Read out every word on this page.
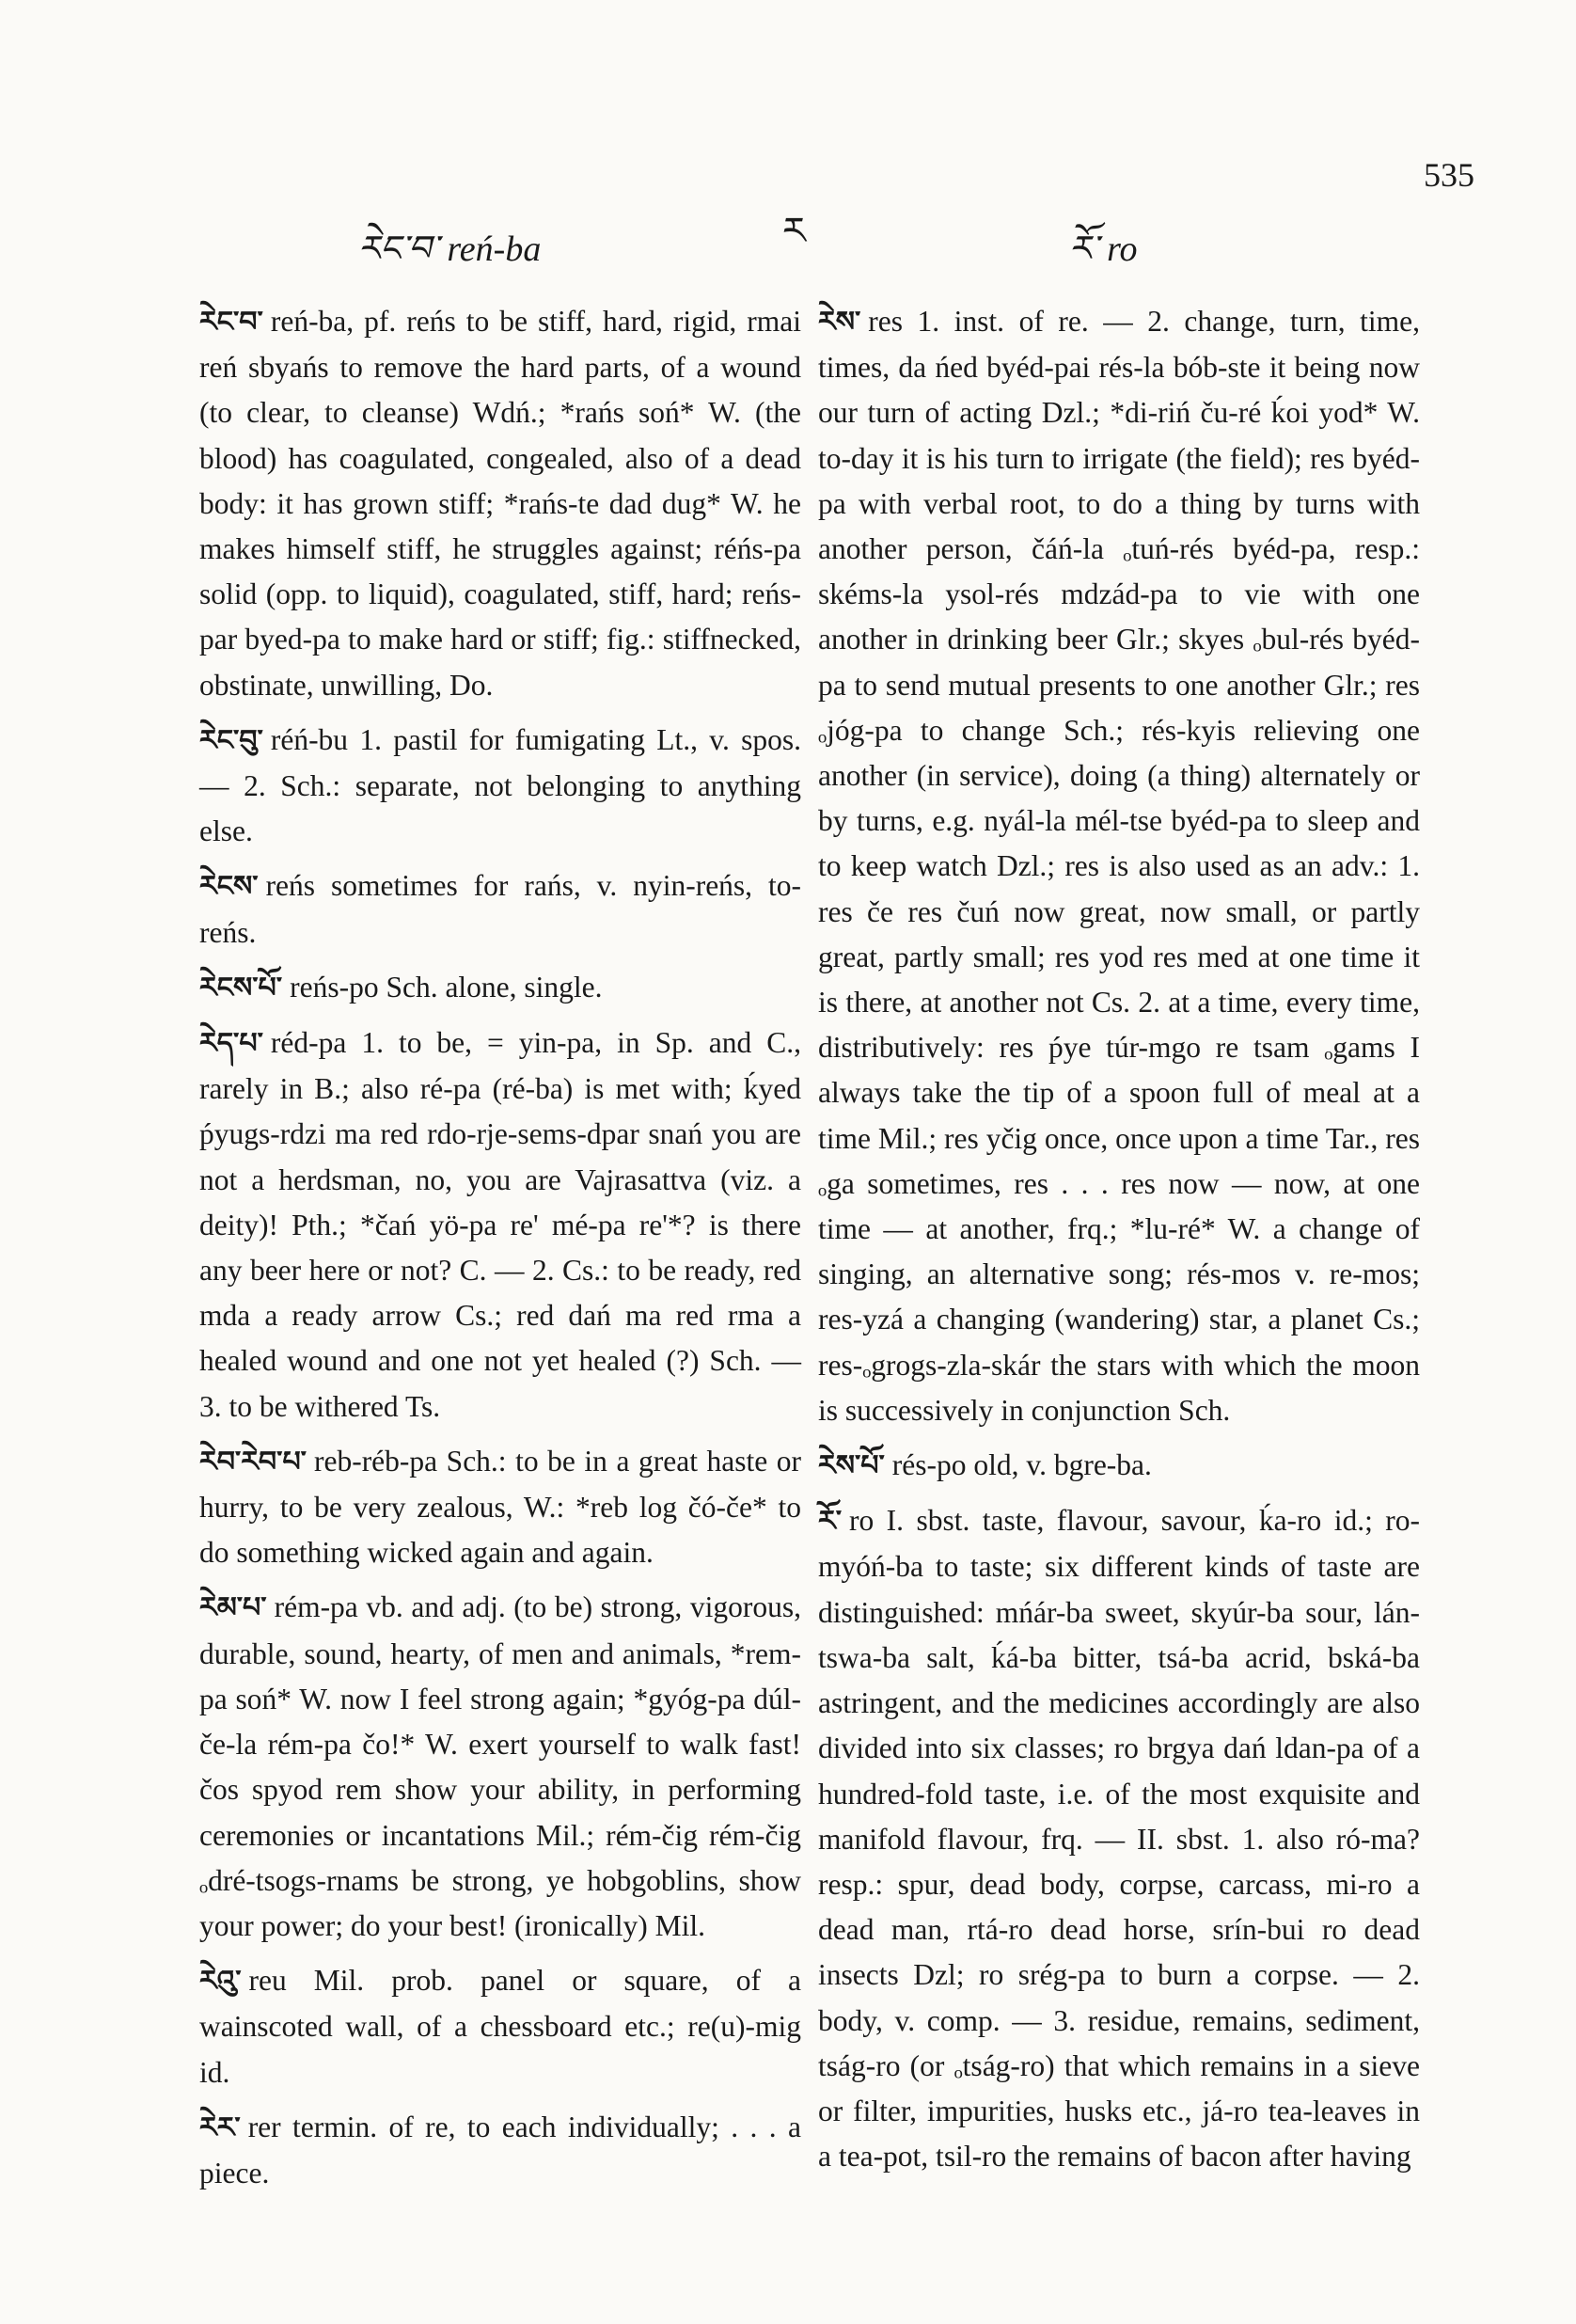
ཪེང་བ་ reń-ba	ར	རོ་ ro
535

རེང་བ་ reń-ba, pf. reńs to be stiff, hard, rigid, rmai reń sbyańs to remove the hard parts, of a wound (to clear, to cleanse) Wdń.; *rańs soń* W. (the blood) has coagulated, congealed, also of a dead body: it has grown stiff; *rańs-te dad dug* W. he makes himself stiff, he struggles against; réńs-pa solid (opp. to liquid), coagulated, stiff, hard; reńs-par byed-pa to make hard or stiff; fig.: stiffnecked, obstinate, unwilling, Do.

རེང་བུ་ réń-bu 1. pastil for fumigating Lt., v. spos. — 2. Sch.: separate, not belonging to anything else.

རེངས་ reńs sometimes for rańs, v. nyin-reńs, to-reńs.

རེངས་པོ་ reńs-po Sch. alone, single.

རེད་པ་ réd-pa 1. to be, = yin-pa, in Sp. and C., rarely in B.; also ré-pa (ré-ba) is met with; ḱyed ṕyugs-rdzi ma red rdo-rje-sems-dpar snań you are not a herdsman, no, you are Vajrasattva (viz. a deity)! Pth.; *čań yö-pa re' mé-pa re'*? is there any beer here or not? C. — 2. Cs.: to be ready, red mda a ready arrow Cs.; red dań ma red rma a healed wound and one not yet healed (?) Sch. — 3. to be withered Ts.

རེབ་རེབ་པ་ reb-réb-pa Sch.: to be in a great haste or hurry, to be very zealous, W.: *reb log čó-če* to do something wicked again and again.

རེམ་པ་ rém-pa vb. and adj. (to be) strong, vigorous, durable, sound, hearty, of men and animals, *rem-pa soń* W. now I feel strong again; *gyóg-pa dúl-če-la rém-pa čo!* W. exert yourself to walk fast! čos spyod rem show your ability, in performing ceremonies or incantations Mil.; rém-čig rém-čig ₒdré-tsogs-rnams be strong, ye hobgoblins, show your power; do your best! (ironically) Mil.

རེའུ་ reu Mil. prob. panel or square, of a wainscoted wall, of a chessboard etc.; re(u)-mig id.

རེར་ rer termin. of re, to each individually; . . . a piece.

རེས་ res 1. inst. of re. — 2. change, turn, time, times, da ńed byéd-pai rés-la bób-ste it being now our turn of acting Dzl.; *di-riń ču-ré ḱoi yod* W. to-day it is his turn to irrigate (the field); res byéd-pa with verbal root, to do a thing by turns with another person, čáń-la ₒtuń-rés byéd-pa, resp.: skéms-la ysol-rés mdzád-pa to vie with one another in drinking beer Glr.; skyes ₒbul-rés byéd-pa to send mutual presents to one another Glr.; res ₒjóg-pa to change Sch.; rés-kyis relieving one another (in service), doing (a thing) alternately or by turns, e.g. nyál-la mél-tse byéd-pa to sleep and to keep watch Dzl.; res is also used as an adv.: 1. res če res čuń now great, now small, or partly great, partly small; res yod res med at one time it is there, at another not Cs. 2. at a time, every time, distributively: res ṕye túr-mgo re tsam ₒgams I always take the tip of a spoon full of meal at a time Mil.; res yčig once, once upon a time Tar., res ₒga sometimes, res . . . res now — now, at one time — at another, frq.; *lu-ré* W. a change of singing, an alternative song; rés-mos v. re-mos; res-yzá a changing (wandering) star, a planet Cs.; res-ₒgrogs-zla-skár the stars with which the moon is successively in conjunction Sch.

རེས་པོ་ rés-po old, v. bgre-ba.

རོ་ ro I. sbst. taste, flavour, savour, ḱa-ro id.; ro-myóń-ba to taste; six different kinds of taste are distinguished: mńár-ba sweet, skyúr-ba sour, lán-tswa-ba salt, ḱá-ba bitter, tsá-ba acrid, bská-ba astringent, and the medicines accordingly are also divided into six classes; ro brgya dań ldan-pa of a hundred-fold taste, i.e. of the most exquisite and manifold flavour, frq. — II. sbst. 1. also ró-ma? resp.: spur, dead body, corpse, carcass, mi-ro a dead man, rtá-ro dead horse, srín-bui ro dead insects Dzl; ro srég-pa to burn a corpse. — 2. body, v. comp. — 3. residue, remains, sediment, tság-ro (or ₒtság-ro) that which remains in a sieve or filter, impurities, husks etc., já-ro tea-leaves in a tea-pot, tsil-ro the remains of bacon after having
